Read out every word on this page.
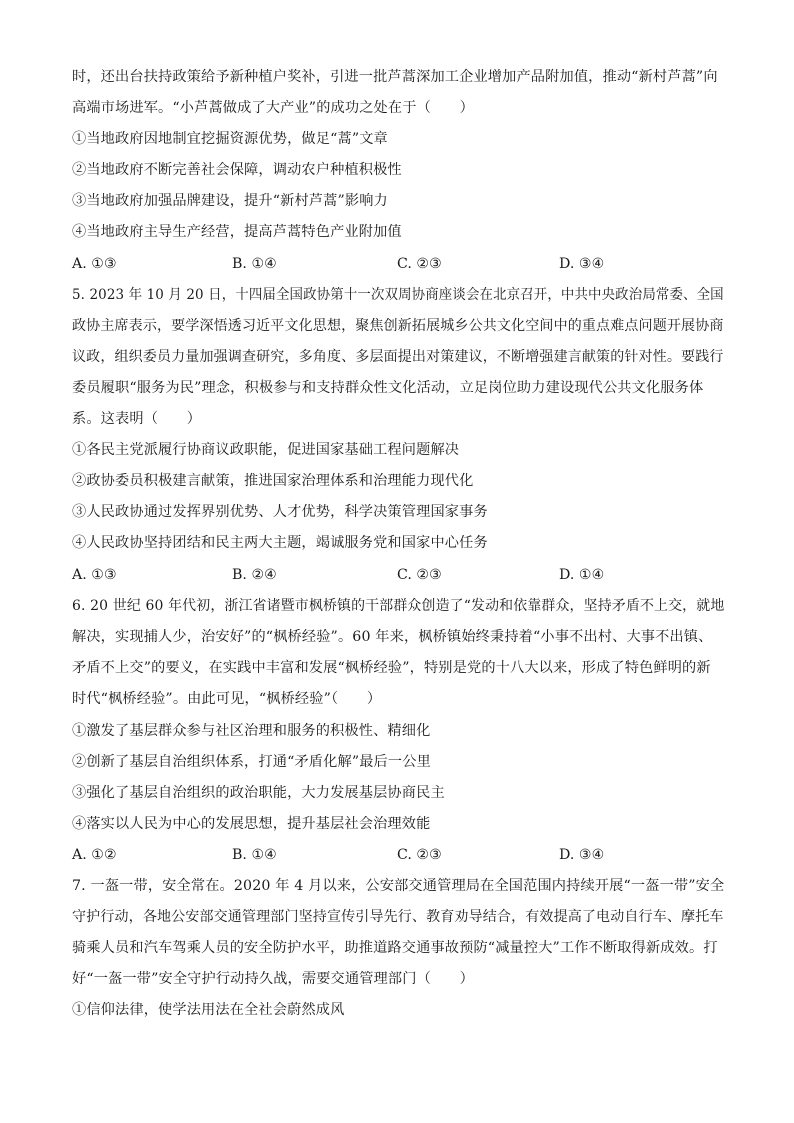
时，还出台扶持政策给予新种植户奖补，引进一批芦蒿深加工企业增加产品附加值，推动“新村芦蒿”向
高端市场进军。“小芦蒿做成了大产业”的成功之处在于（　　）
①当地政府因地制宜挖掘资源优势，做足“蒿”文章
②当地政府不断完善社会保障，调动农户种植积极性
③当地政府加强品牌建设，提升“新村芦蒿”影响力
④当地政府主导生产经营，提高芦蒿特色产业附加值
A. ①③	B. ①④	C. ②③	D. ③④
5. 2023 年 10 月 20 日，十四届全国政协第十一次双周协商座谈会在北京召开，中共中央政治局常委、全国
政协主席表示，要学深悟透习近平文化思想，聚焦创新拓展城乡公共文化空间中的重点难点问题开展协商
议政，组织委员力量加强调查研究，多角度、多层面提出对策建议，不断增强建言献策的针对性。要践行
委员履职“服务为民”理念，积极参与和支持群众性文化活动，立足岗位助力建设现代公共文化服务体
系。这表明（　　）
①各民主党派履行协商议政职能，促进国家基础工程问题解决
②政协委员积极建言献策，推进国家治理体系和治理能力现代化
③人民政协通过发挥界别优势、人才优势，科学决策管理国家事务
④人民政协坚持团结和民主两大主题，竭诚服务党和国家中心任务
A. ①③	B. ②④	C. ②③	D. ①④
6. 20 世纪 60 年代初，浙江省诸暨市枫桥镇的干部群众创造了“发动和依靠群众，坚持矛盾不上交，就地
解决，实现捕人少，治安好”的“枫桥经验”。60 年来，枫桥镇始终秉持着“小事不出村、大事不出镇、
矛盾不上交”的要义，在实践中丰富和发展“枫桥经验”，特别是党的十八大以来，形成了特色鲜明的新
时代“枫桥经验”。由此可见，“枫桥经验”（　　）
①激发了基层群众参与社区治理和服务的积极性、精细化
②创新了基层自治组织体系，打通“矛盾化解”最后一公里
③强化了基层自治组织的政治职能，大力发展基层协商民主
④落实以人民为中心的发展思想，提升基层社会治理效能
A. ①②	B. ①④	C. ②③	D. ③④
7. 一盔一带，安全常在。2020 年 4 月以来，公安部交通管理局在全国范围内持续开展“一盔一带”安全
守护行动，各地公安部交通管理部门坚持宣传引导先行、教育劝导结合，有效提高了电动自行车、摩托车
骑乘人员和汽车驾乘人员的安全防护水平，助推道路交通事故预防“减量控大”工作不断取得新成效。打
好“一盔一带”安全守护行动持久战，需要交通管理部门（　　）
①信仰法律，使学法用法在全社会蔚然成风
